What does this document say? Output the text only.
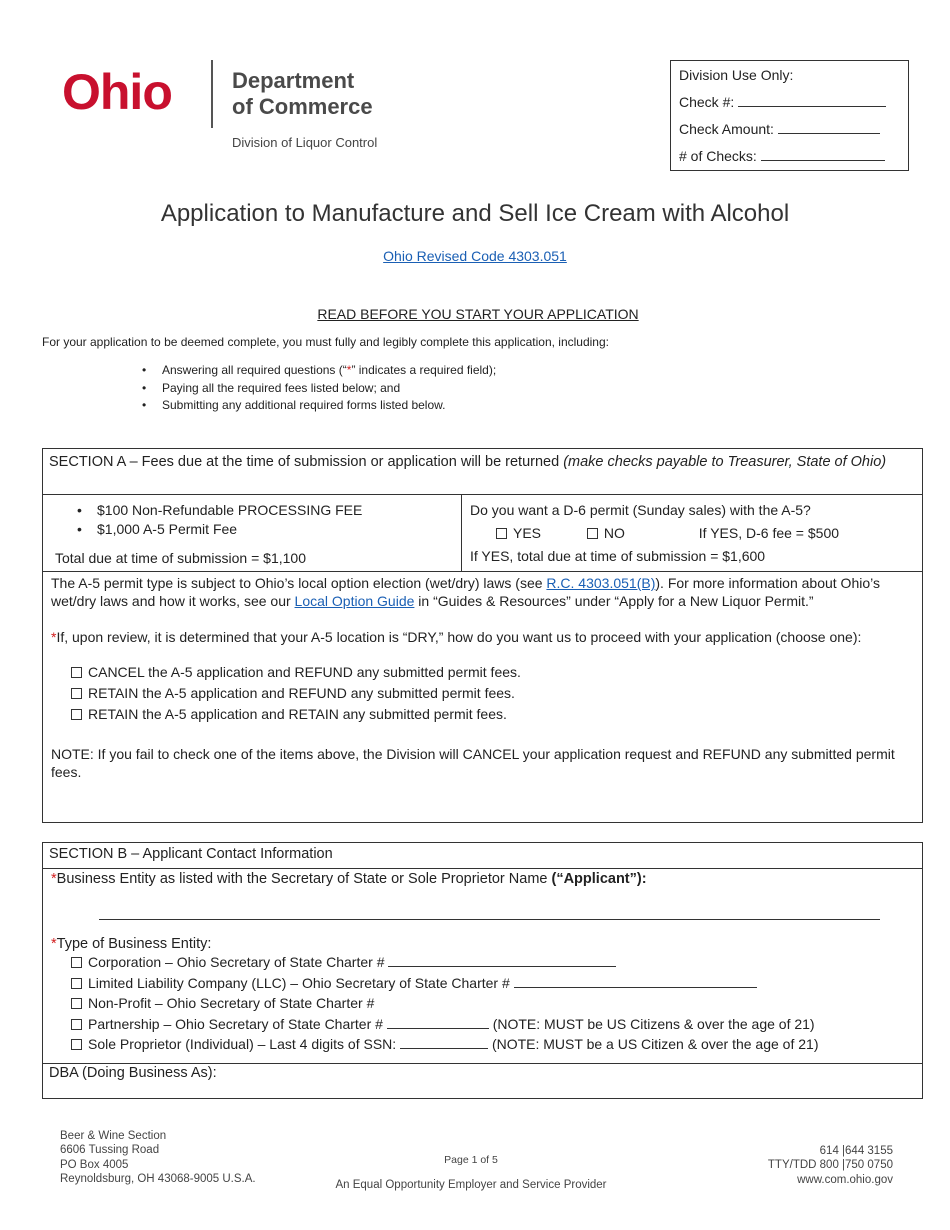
Ohio	Department
of Commerce
Division of Liquor Control
Division Use Only:
Check #:
Check Amount:
# of Checks:
Application to Manufacture and Sell Ice Cream with Alcohol
Ohio Revised Code 4303.051
READ BEFORE YOU START YOUR APPLICATION
For your application to be deemed complete, you must fully and legibly complete this application, including:
• Answering all required questions (“*” indicates a required field);
• Paying all the required fees listed below; and
• Submitting any additional required forms listed below.
SECTION A – Fees due at the time of submission or application will be returned (make checks payable to Treasurer, State of Ohio)
• $100 Non-Refundable PROCESSING FEE
• $1,000 A-5 Permit Fee
Total due at time of submission = $1,100
Do you want a D-6 permit (Sunday sales) with the A-5?
YES	NO	If YES, D-6 fee = $500
If YES, total due at time of submission = $1,600
The A-5 permit type is subject to Ohio’s local option election (wet/dry) laws (see R.C. 4303.051(B)). For more information about Ohio’s wet/dry laws and how it works, see our Local Option Guide in “Guides & Resources” under “Apply for a New Liquor Permit.”
*If, upon review, it is determined that your A-5 location is “DRY,” how do you want us to proceed with your application (choose one):
CANCEL the A-5 application and REFUND any submitted permit fees.
RETAIN the A-5 application and REFUND any submitted permit fees.
RETAIN the A-5 application and RETAIN any submitted permit fees.
NOTE: If you fail to check one of the items above, the Division will CANCEL your application request and REFUND any submitted permit fees.
SECTION B – Applicant Contact Information
*Business Entity as listed with the Secretary of State or Sole Proprietor Name (“Applicant”):
*Type of Business Entity:
Corporation – Ohio Secretary of State Charter #
Limited Liability Company (LLC) – Ohio Secretary of State Charter #
Non-Profit – Ohio Secretary of State Charter #
Partnership – Ohio Secretary of State Charter #	(NOTE: MUST be US Citizens & over the age of 21)
Sole Proprietor (Individual) – Last 4 digits of SSN:	(NOTE: MUST be a US Citizen & over the age of 21)
DBA (Doing Business As):
Beer & Wine Section
6606 Tussing Road
PO Box 4005
Reynoldsburg, OH 43068-9005 U.S.A.
Page 1 of 5
An Equal Opportunity Employer and Service Provider
614 |644 3155
TTY/TDD 800 |750 0750
www.com.ohio.gov
